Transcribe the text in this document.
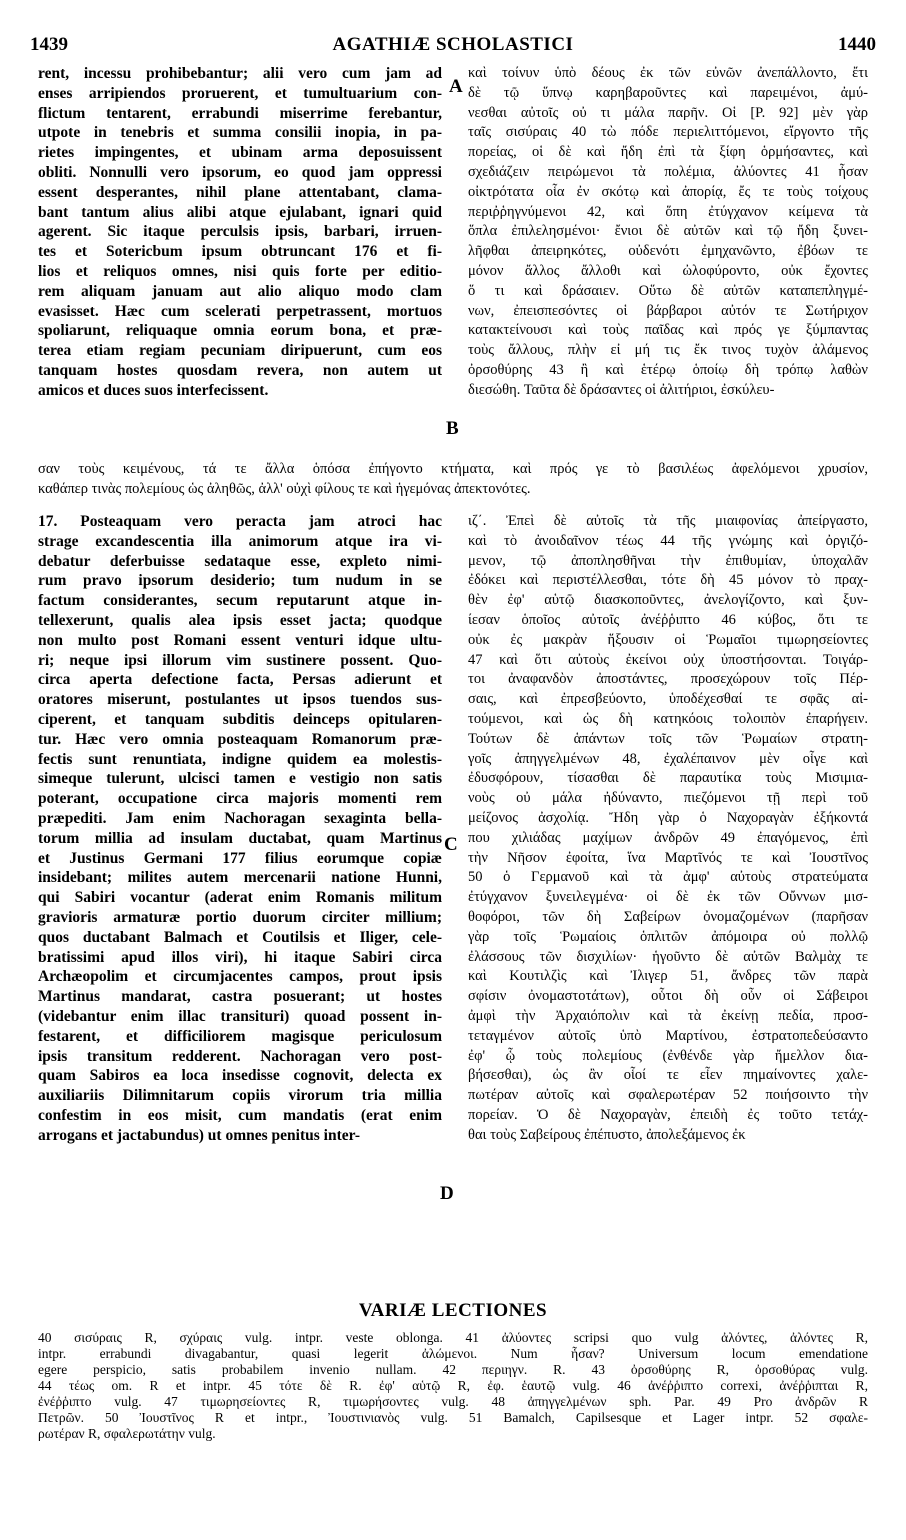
1439	AGATHIÆ SCHOLASTICI	1440
A
B
C
D
rent, incessu prohibebantur; alii vero cum jam ad
enses arripiendos proruerent, et tumultuarium con-
flictum tentarent, errabundi miserrime ferebantur,
utpote in tenebris et summa consilii inopia, in pa-
rietes impingentes, et ubinam arma deposuissent
obliti. Nonnulli vero ipsorum, eo quod jam oppressi
essent desperantes, nihil plane attentabant, clama-
bant tantum alius alibi atque ejulabant, ignari quid
agerent. Sic itaque perculsis ipsis, barbari, irruen-
tes et Sotericbum ipsum obtruncant 176 et fi-
lios et reliquos omnes, nisi quis forte per editio-
rem aliquam januam aut alio aliquo modo clam
evasisset. Hæc cum scelerati perpetrassent, mortuos
spoliarunt, reliquaque omnia eorum bona, et præ-
terea etiam regiam pecuniam diripuerunt, cum eos
tanquam hostes quosdam revera, non autem ut
amicos et duces suos interfecissent.
καὶ τοίνυν ὑπὸ δέους ἐκ τῶν εὐνῶν ἀνεπάλλοντο, ἔτι
δὲ τῷ ὕπνῳ καρηβαροῦντες καὶ παρειμένοι, ἀμύ-
νεσθαι αὐτοῖς οὐ τι μάλα παρῆν. Οἱ [P. 92] μὲν γὰρ
ταῖς σισύραις 40 τὼ πόδε περιελιττόμενοι, εἴργοντο τῆς
πορείας, οἱ δὲ καὶ ἤδη ἐπὶ τὰ ξίφη ὁρμήσαντες, καὶ
σχεδιάζειν πειρώμενοι τὰ πολέμια, ἀλύοντες 41 ἦσαν
οἰκτρότατα οἷα ἐν σκότῳ καὶ ἀπορίᾳ, ἔς τε τοὺς τοίχους
περιῤῥηγνύμενοι 42, καὶ ὅπη ἐτύγχανον κείμενα τὰ
ὅπλα ἐπιλελησμένοι· ἔνιοι δὲ αὐτῶν καὶ τῷ ἤδη ξυνει-
λῆφθαι ἀπειρηκότες, οὐδενότι ἐμηχανῶντο, ἐβόων τε
μόνον ἄλλος ἄλλοθι καὶ ὠλοφύροντο, οὐκ ἔχοντες
ὅ τι καὶ δράσαιεν. Οὕτω δὲ αὐτῶν καταπεπληγμέ-
νων, ἐπεισπεσόντες οἱ βάρβαροι αὐτόν τε Σωτήριχον
κατακτείνουσι καὶ τοὺς παῖδας καὶ πρός γε ξύμπαντας
τοὺς ἄλλους, πλὴν εἰ μή τις ἔκ τινος τυχὸν ἀλάμενος
ὀρσοθύρης 43 ἢ καὶ ἑτέρῳ ὁποίῳ δὴ τρόπῳ λαθὼν
διεσώθη. Ταῦτα δὲ δράσαντες οἱ ἀλιτήριοι, ἐσκύλευ-
σαν τοὺς κειμένους, τά τε ἄλλα ὁπόσα ἐπήγοντο κτήματα, καὶ πρός γε τὸ βασιλέως ἀφελόμενοι χρυσίον,
καθάπερ τινὰς πολεμίους ὡς ἀληθῶς, ἀλλ' οὐχὶ φίλους τε καὶ ἡγεμόνας ἀπεκτονότες.
17. Posteaquam vero peracta jam atroci hac
strage excandescentia illa animorum atque ira vi-
debatur deferbuisse sedataque esse, expleto nimi-
rum pravo ipsorum desiderio; tum nudum in se
factum considerantes, secum reputarunt atque in-
tellexerunt, qualis alea ipsis esset jacta; quodque
non multo post Romani essent venturi idque ultu-
ri; neque ipsi illorum vim sustinere possent. Quo-
circa aperta defectione facta, Persas adierunt et
oratores miserunt, postulantes ut ipsos tuendos sus-
ciperent, et tanquam subditis deinceps opitularen-
tur. Hæc vero omnia posteaquam Romanorum præ-
fectis sunt renuntiata, indigne quidem ea molestis-
simeque tulerunt, ulcisci tamen e vestigio non satis
poterant, occupatione circa majoris momenti rem
præpediti. Jam enim Nachoragan sexaginta bella-
torum millia ad insulam ductabat, quam Martinus
et Justinus Germani 177 filius eorumque copiæ
insidebant; milites autem mercenarii natione Hunni,
qui Sabiri vocantur (aderat enim Romanis militum
gravioris armaturæ portio duorum circiter millium;
quos ductabant Balmach et Coutilsis et Iliger, cele-
bratissimi apud illos viri), hi itaque Sabiri circa
Archæopolim et circumjacentes campos, prout ipsis
Martinus mandarat, castra posuerant; ut hostes
(videbantur enim illac transituri) quoad possent in-
festarent, et difficiliorem magisque periculosum
ipsis transitum redderent. Nachoragan vero post-
quam Sabiros ea loca insedisse cognovit, delecta ex
auxiliariis Dilimnitarum copiis virorum tria millia
confestim in eos misit, cum mandatis (erat enim
arrogans et jactabundus) ut omnes penitus inter-
ιζ΄. Ἐπεὶ δὲ αὐτοῖς τὰ τῆς μιαιφονίας ἀπείργαστο,
καὶ τὸ ἀνοιδαῖνον τέως 44 τῆς γνώμης καὶ ὀργιζό-
μενον, τῷ ἀποπλησθῆναι τὴν ἐπιθυμίαν, ὑποχαλᾶν
ἐδόκει καὶ περιστέλλεσθαι, τότε δὴ 45 μόνον τὸ πραχ-
θὲν ἐφ' αὑτῷ διασκοποῦντες, ἀνελογίζοντο, καὶ ξυν-
ίεσαν ὁποῖος αὐτοῖς ἀνέῤῥιπτο 46 κύβος, ὅτι τε
οὐκ ἐς μακρὰν ἥξουσιν οἱ Ῥωμαῖοι τιμωρησείοντες
47 καὶ ὅτι αὐτοὺς ἐκείνοι οὐχ ὑποστήσονται. Τοιγάρ-
τοι ἀναφανδὸν ἀποστάντες, προσεχώρουν τοῖς Πέρ-
σαις, καὶ ἐπρεσβεύοντο, ὑποδέχεσθαί τε σφᾶς αἰ-
τούμενοι, καὶ ὡς δὴ κατηκόοις τολοιπὸν ἐπαρήγειν.
Τούτων δὲ ἁπάντων τοῖς τῶν Ῥωμαίων στρατη-
γοῖς ἀπηγγελμένων 48, ἐχαλέπαινον μὲν οἷγε καὶ
ἐδυσφόρουν, τίσασθαι δὲ παραυτίκα τοὺς Μισιμια-
νοὺς οὐ μάλα ἠδύναντο, πιεζόμενοι τῇ περὶ τοῦ
μείζονος ἀσχολίᾳ. Ἤδη γὰρ ὁ Ναχοραγὰν ἐξήκοντά
που χιλιάδας μαχίμων ἀνδρῶν 49 ἐπαγόμενος, ἐπὶ
τὴν Νῆσον ἐφοίτα, ἵνα Μαρτῖνός τε καὶ Ἰουστῖνος
50 ὁ Γερμανοῦ καὶ τὰ ἀμφ' αὐτοὺς στρατεύματα
ἐτύγχανον ξυνειλεγμένα· οἱ δὲ ἐκ τῶν Οὔννων μισ-
θοφόροι, τῶν δὴ Σαβείρων ὀνομαζομένων (παρῆσαν
γὰρ τοῖς Ῥωμαίοις ὁπλιτῶν ἀπόμοιρα οὐ πολλῷ
ἐλάσσους τῶν δισχιλίων· ἡγοῦντο δὲ αὐτῶν Βαλμὰχ τε
καὶ Κουτιλζὶς καὶ Ἰλιγερ 51, ἄνδρες τῶν παρὰ
σφίσιν ὀνομαστοτάτων), οὗτοι δὴ οὖν οἱ Σάβειροι
ἀμφὶ τὴν Ἀρχαιόπολιν καὶ τὰ ἐκείνῃ πεδία, προσ-
τεταγμένον αὐτοῖς ὑπὸ Μαρτίνου, ἐστρατοπεδεύσαντο
ἐφ' ᾧ τοὺς πολεμίους (ἐνθένδε γὰρ ἤμελλον δια-
βήσεσθαι), ὡς ἂν οἷοί τε εἶεν πημαίνοντες χαλε-
πωτέραν αὐτοῖς καὶ σφαλερωτέραν 52 ποιήσοιντο τὴν
πορείαν. Ὁ δὲ Ναχοραγὰν, ἐπειδὴ ἐς τοῦτο τετάχ-
θαι τοὺς Σαβείρους ἐπέπυστο, ἀπολεξάμενος ἐκ
VARIÆ LECTIONES
40 σισύραις R, σχύραις vulg. intpr. veste oblonga. 41 ἀλύοντες scripsi quo vulg ἀλόντες, ἀλόντες R,
intpr. errabundi divagabantur, quasi legerit ἀλώμενοι. Num ἦσαν? Universum locum emendatione
egere perspicio, satis probabilem invenio nullam. 42 περιηγν. R. 43 ὀρσοθύρης R, ὀρσοθύρας vulg.
44 τέως om. R et intpr. 45 τότε δὲ R. ἐφ' αὑτῷ R, ἐφ. ἑαυτῷ vulg. 46 ἀνέῤῥιπτο correxi, ἀνέῤῥιπται R,
ἐνέῤῥιπτο vulg. 47 τιμωρησείοντες R, τιμωρήσοντες vulg. 48 ἀπηγγελμένων sph. Par. 49 Pro ἀνδρῶν R
Πετρῶν. 50 Ἰουστῖνος R et intpr., Ἰουστινιανὸς vulg. 51 Bamalch, Capilsesque et Lager intpr. 52 σφαλε-
ρωτέραν R, σφαλερωτάτην vulg.
